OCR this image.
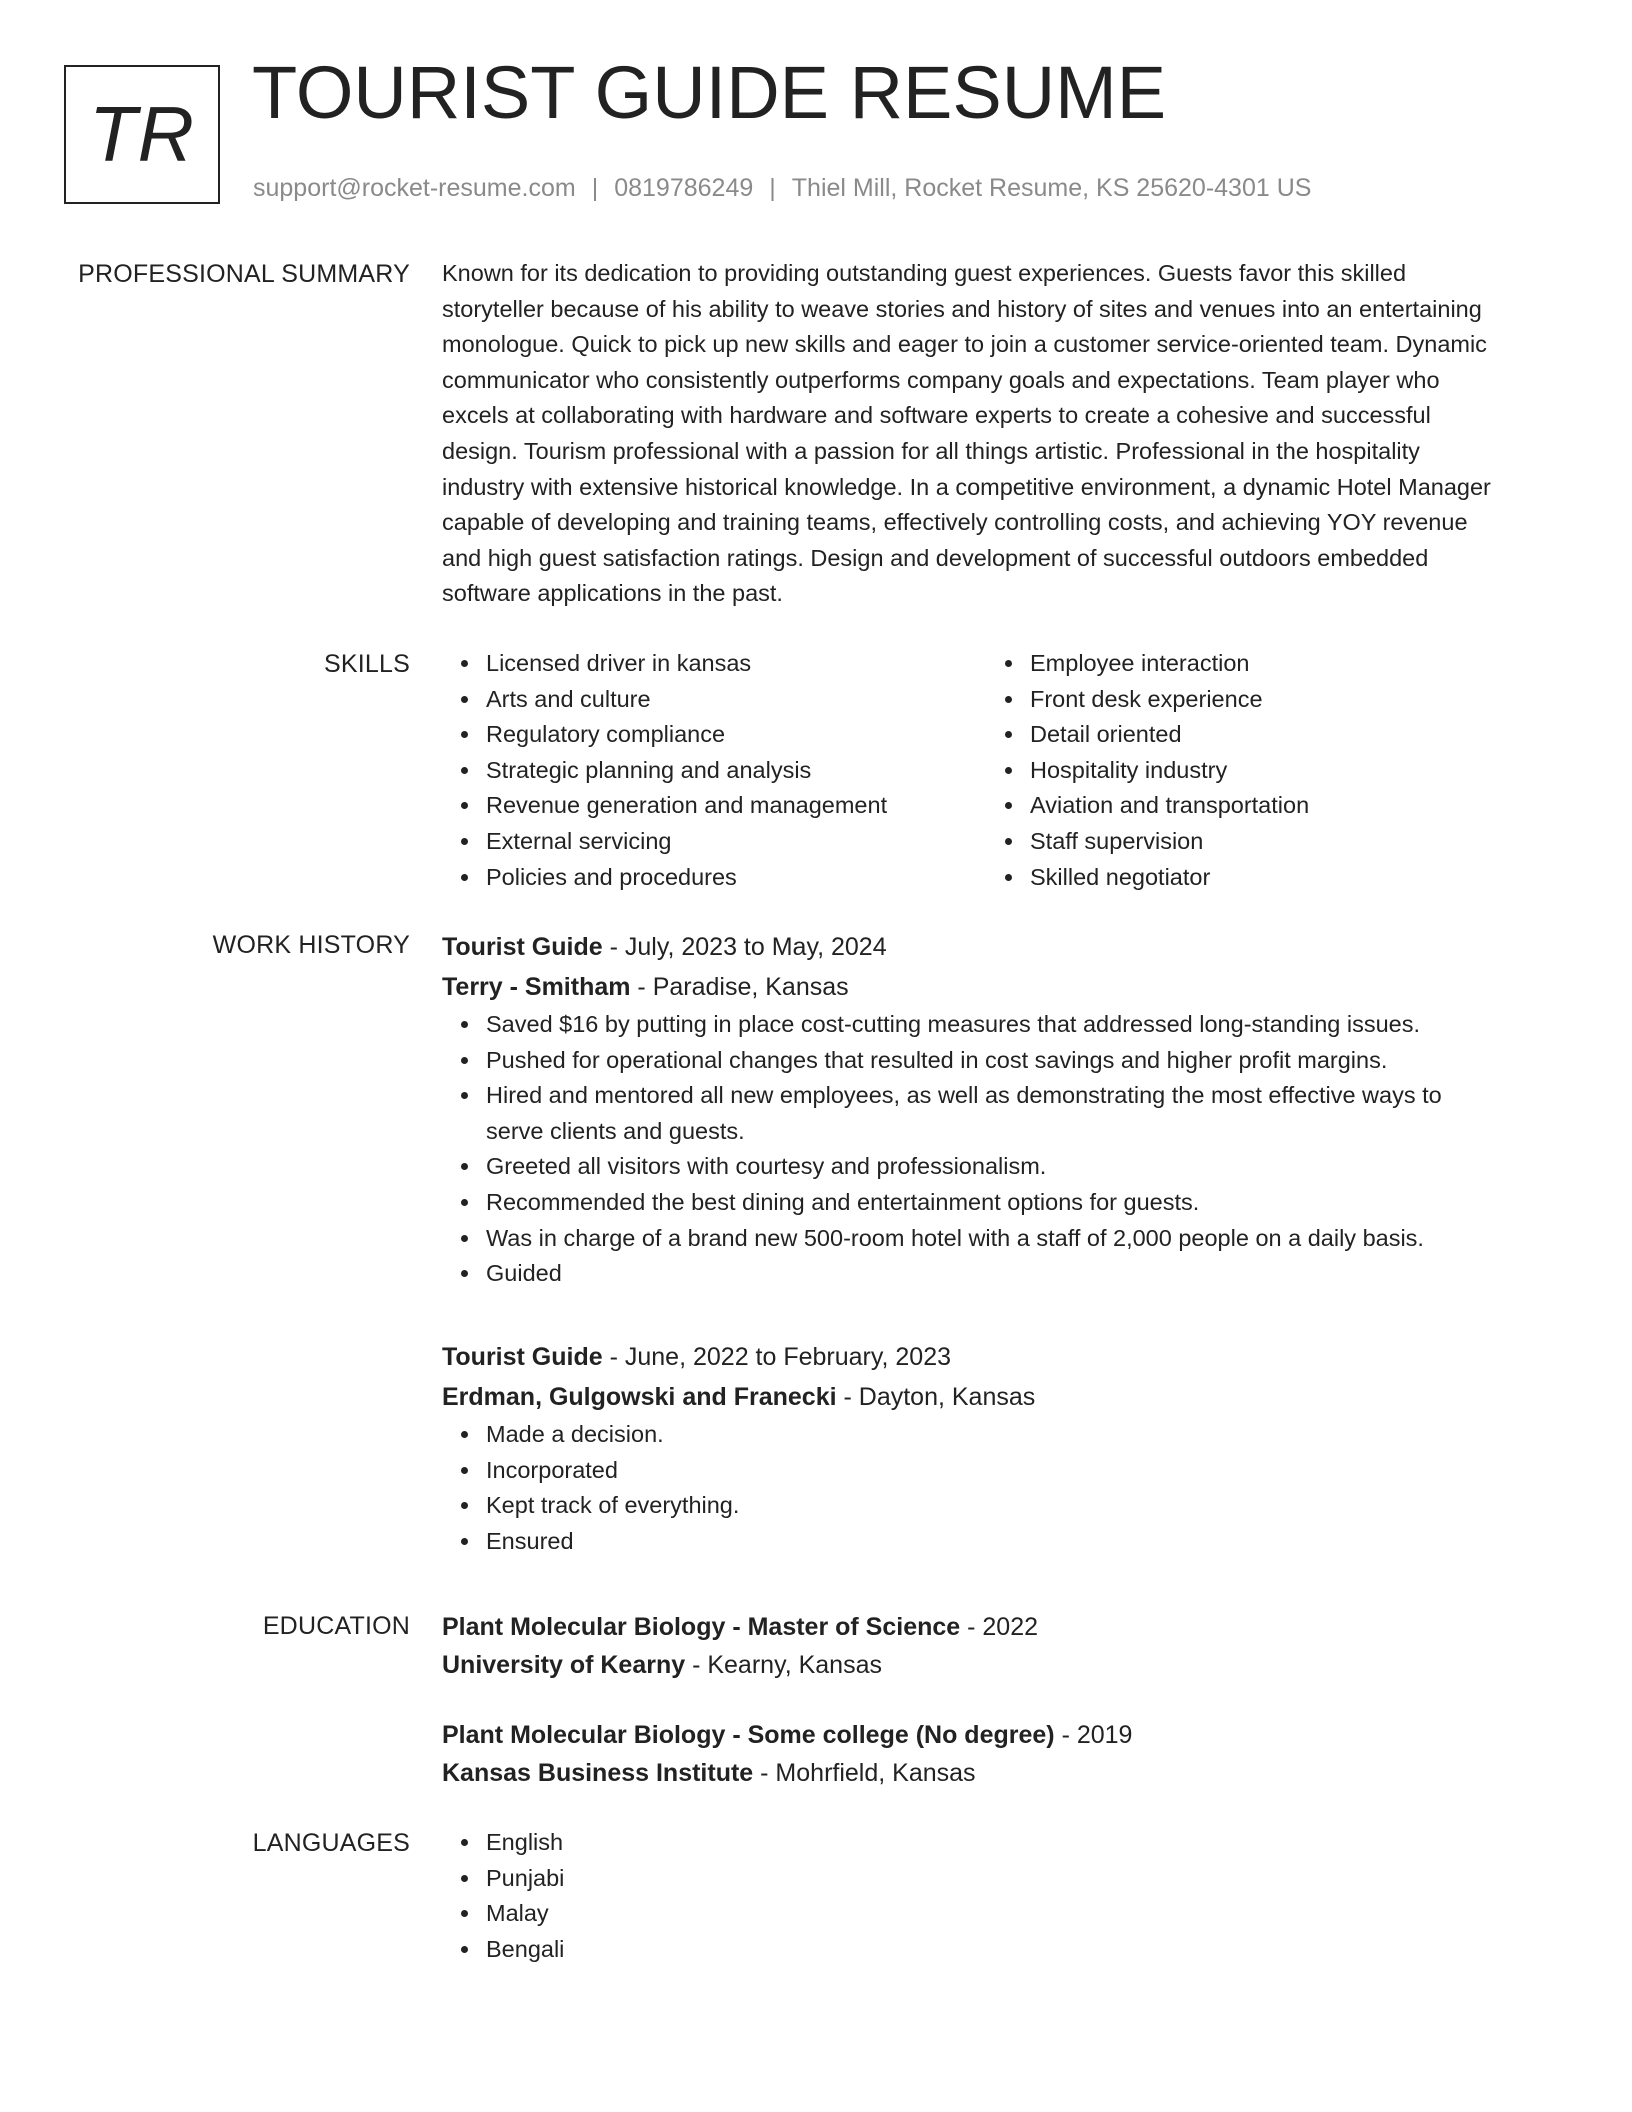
TR TOURIST GUIDE RESUME
support@rocket-resume.com | 0819786249 | Thiel Mill, Rocket Resume, KS 25620-4301 US
PROFESSIONAL SUMMARY Known for its dedication to providing outstanding guest experiences. Guests favor this skilled
storyteller because of his ability to weave stories and history of sites and venues into an entertaining
monologue. Quick to pick up new skills and eager to join a customer service-oriented team. Dynamic
communicator who consistently outperforms company goals and expectations. Team player who
excels at collaborating with hardware and software experts to create a cohesive and successful
design. Tourism professional with a passion for all things artistic. Professional in the hospitality
industry with extensive historical knowledge. In a competitive environment, a dynamic Hotel Manager
capable of developing and training teams, effectively controlling costs, and achieving YOY revenue
and high guest satisfaction ratings. Design and development of successful outdoors embedded
software applications in the past.
SKILLS	Licensed driver in kansas
Arts and culture
Regulatory compliance
Strategic planning and analysis
Revenue generation and management
External servicing
Policies and procedures
Employee interaction
Front desk experience
Detail oriented
Hospitality industry
Aviation and transportation
Staff supervision
Skilled negotiator
WORK HISTORY Tourist Guide - July, 2023 to May, 2024
Terry - Smitham - Paradise, Kansas
Saved $16 by putting in place cost-cutting measures that addressed long-standing issues.
Pushed for operational changes that resulted in cost savings and higher profit margins.
Hired and mentored all new employees, as well as demonstrating the most effective ways to
serve clients and guests.
Greeted all visitors with courtesy and professionalism.
Recommended the best dining and entertainment options for guests.
Was in charge of a brand new 500-room hotel with a staff of 2,000 people on a daily basis.
Guided
Tourist Guide - June, 2022 to February, 2023
Erdman, Gulgowski and Franecki - Dayton, Kansas
Made a decision.
Incorporated
Kept track of everything.
Ensured
EDUCATION Plant Molecular Biology - Master of Science - 2022
University of Kearny - Kearny, Kansas
Plant Molecular Biology - Some college (No degree) - 2019
Kansas Business Institute - Mohrfield, Kansas
LANGUAGES	English
Punjabi
Malay
Bengali
